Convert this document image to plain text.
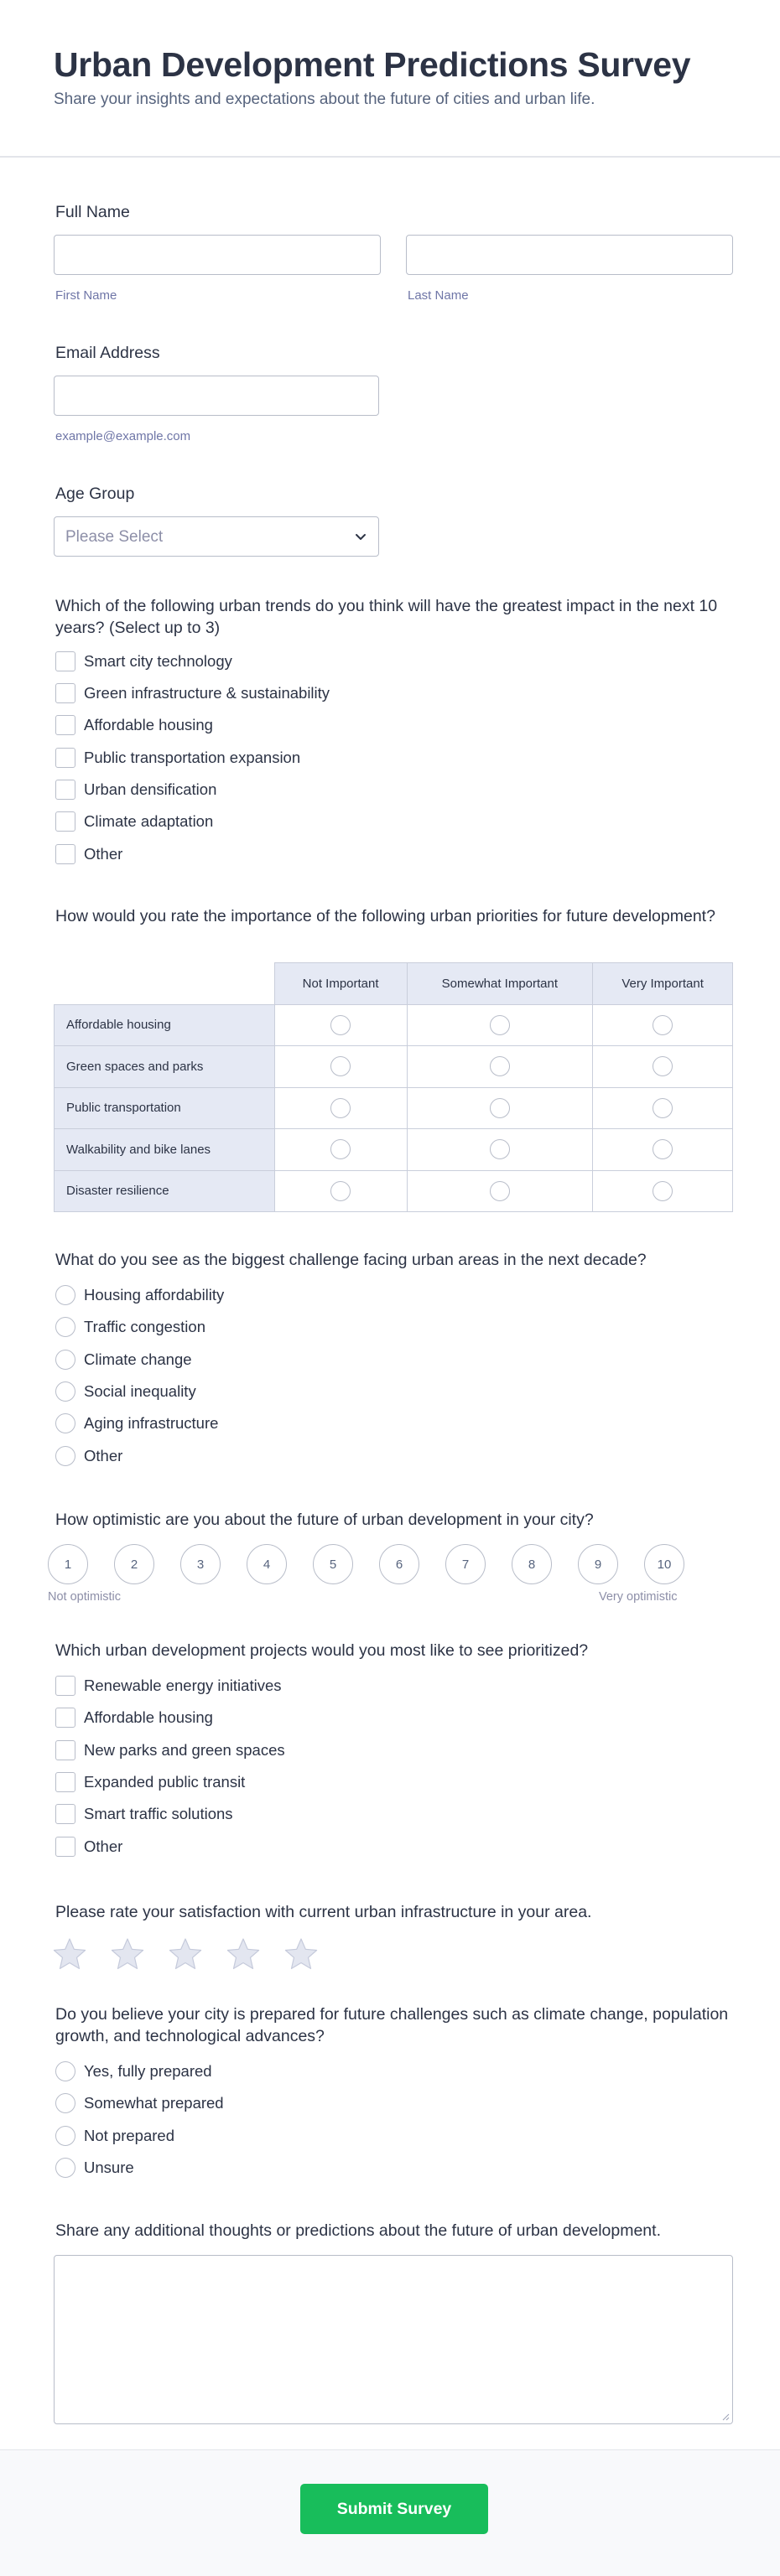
Urban Development Predictions Survey

Share your insights and expectations about the future of cities and urban life.

Full Name
First Name	Last Name
Email Address
example@example.com
Age Group
Please Select
Which of the following urban trends do you think will have the greatest impact in the next 10 years? (Select up to 3)
Smart city technology
Green infrastructure & sustainability
Affordable housing
Public transportation expansion
Urban densification
Climate adaptation
Other
How would you rate the importance of the following urban priorities for future development?
	Not Important	Somewhat Important	Very Important
Affordable housing			
Green spaces and parks			
Public transportation			
Walkability and bike lanes			
Disaster resilience			
What do you see as the biggest challenge facing urban areas in the next decade?
Housing affordability
Traffic congestion
Climate change
Social inequality
Aging infrastructure
Other
How optimistic are you about the future of urban development in your city?
1	2	3	4	5	6	7	8	9	10
Not optimistic	Very optimistic
Which urban development projects would you most like to see prioritized?
Renewable energy initiatives
Affordable housing
New parks and green spaces
Expanded public transit
Smart traffic solutions
Other
Please rate your satisfaction with current urban infrastructure in your area.
Do you believe your city is prepared for future challenges such as climate change, population growth, and technological advances?
Yes, fully prepared
Somewhat prepared
Not prepared
Unsure
Share any additional thoughts or predictions about the future of urban development.
Submit Survey
